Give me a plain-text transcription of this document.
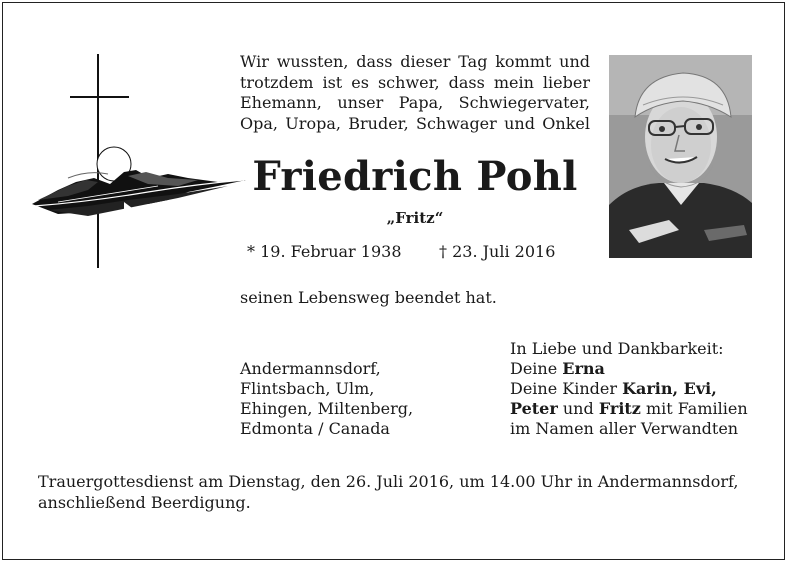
Wir wussten, dass dieser Tag kommt und
trotzdem ist es schwer, dass mein lieber
Ehemann, unser Papa, Schwiegervater,
Opa, Uropa, Bruder, Schwager und Onkel
Friedrich Pohl
„Fritz“
* 19. Februar 1938 † 23. Juli 2016
seinen Lebensweg beendet hat.
Andermannsdorf,
Flintsbach, Ulm,
Ehingen, Miltenberg,
Edmonta / Canada
In Liebe und Dankbarkeit:
Deine Erna
Deine Kinder Karin, Evi,
Peter und Fritz mit Familien
im Namen aller Verwandten
Trauergottesdienst am Dienstag, den 26. Juli 2016, um 14.00 Uhr in Andermannsdorf,
anschließend Beerdigung.
